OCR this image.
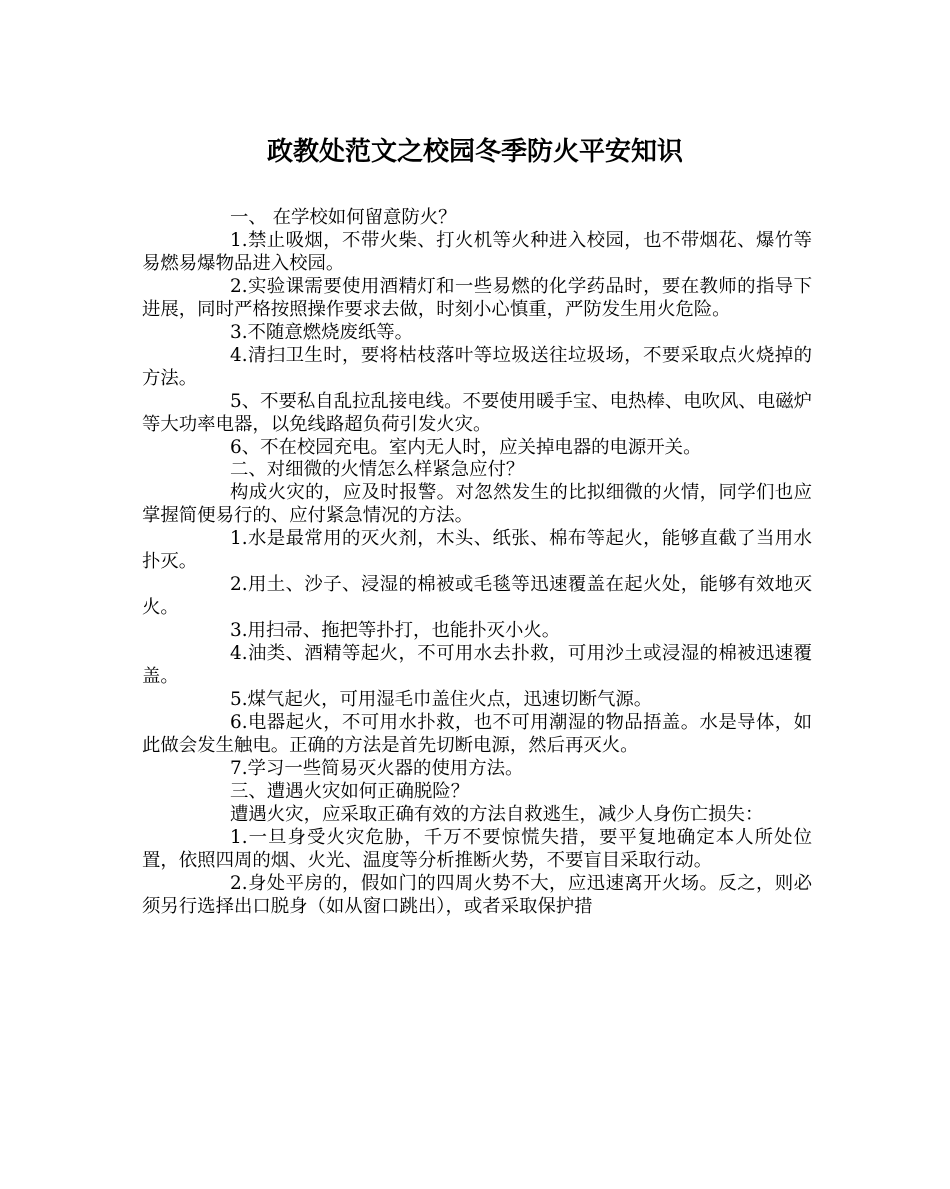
政教处范文之校园冬季防火平安知识

一、 在学校如何留意防火？

1.禁止吸烟，不带火柴、打火机等火种进入校园，也不带烟花、爆竹等易燃易爆物品进入校园。

2.实验课需要使用酒精灯和一些易燃的化学药品时，要在教师的指导下进展，同时严格按照操作要求去做，时刻小心慎重，严防发生用火危险。

3.不随意燃烧废纸等。

4.清扫卫生时，要将枯枝落叶等垃圾送往垃圾场，不要采取点火烧掉的方法。

5、不要私自乱拉乱接电线。不要使用暖手宝、电热棒、电吹风、电磁炉等大功率电器，以免线路超负荷引发火灾。

6、不在校园充电。室内无人时，应关掉电器的电源开关。

二、对细微的火情怎么样紧急应付？

构成火灾的，应及时报警。对忽然发生的比拟细微的火情，同学们也应掌握简便易行的、应付紧急情况的方法。

1.水是最常用的灭火剂，木头、纸张、棉布等起火，能够直截了当用水扑灭。

2.用土、沙子、浸湿的棉被或毛毯等迅速覆盖在起火处，能够有效地灭火。

3.用扫帚、拖把等扑打，也能扑灭小火。

4.油类、酒精等起火，不可用水去扑救，可用沙土或浸湿的棉被迅速覆盖。

5.煤气起火，可用湿毛巾盖住火点，迅速切断气源。

6.电器起火，不可用水扑救，也不可用潮湿的物品捂盖。水是导体，如此做会发生触电。正确的方法是首先切断电源，然后再灭火。

7.学习一些简易灭火器的使用方法。

三、遭遇火灾如何正确脱险？

遭遇火灾，应采取正确有效的方法自救逃生，减少人身伤亡损失：

1.一旦身受火灾危胁，千万不要惊慌失措，要平复地确定本人所处位置，依照四周的烟、火光、温度等分析推断火势，不要盲目采取行动。

2.身处平房的，假如门的四周火势不大，应迅速离开火场。反之，则必须另行选择出口脱身（如从窗口跳出），或者采取保护措
